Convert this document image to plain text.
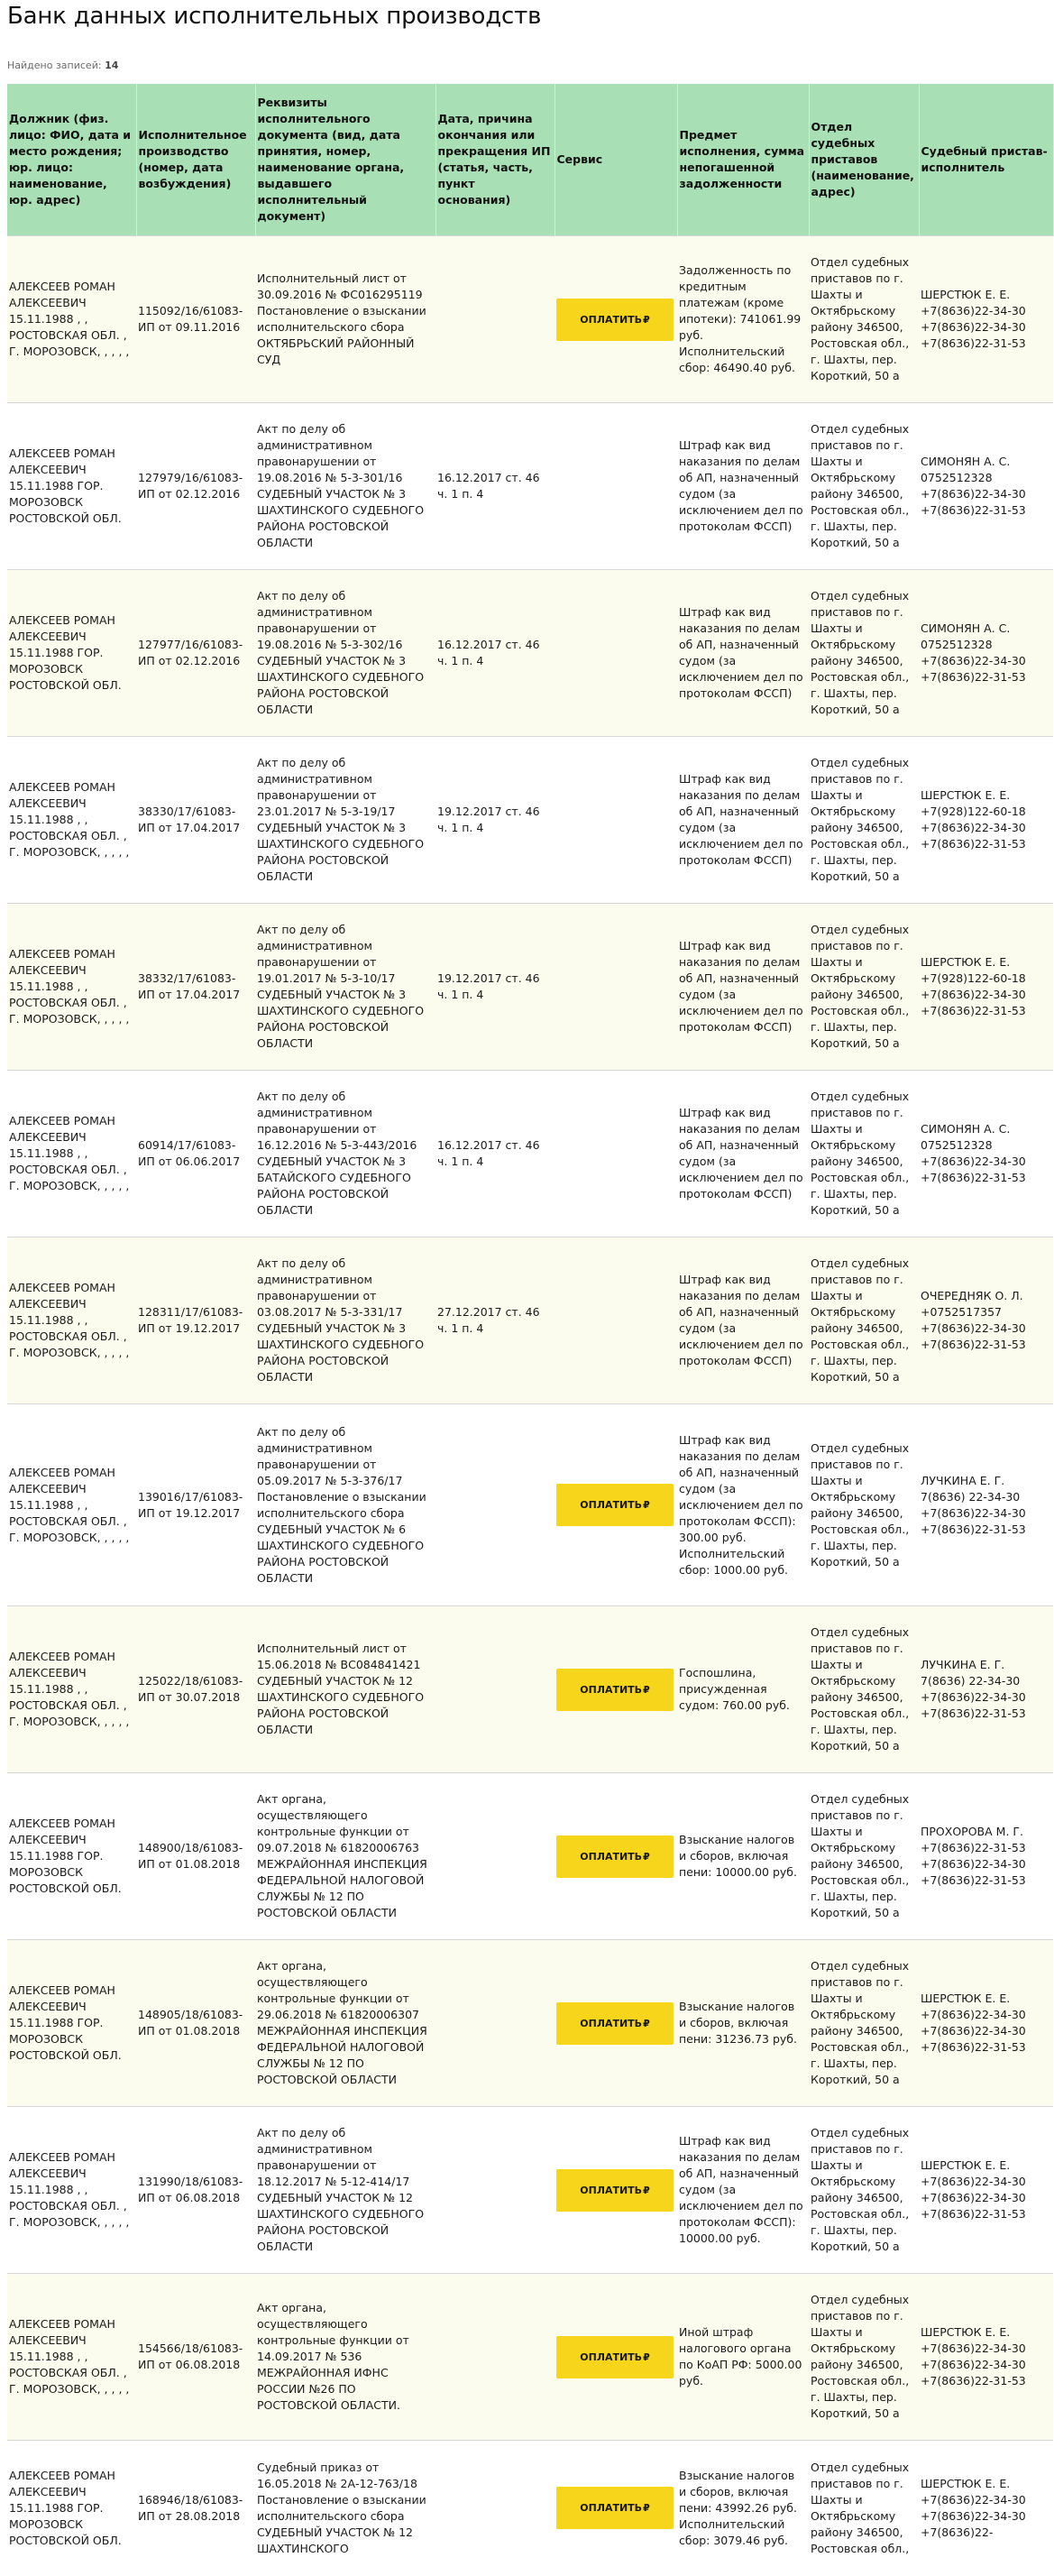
Банк данных исполнительных производств
Найдено записей: 14
Должник (физ. лицо: ФИО, дата и место рождения; юр. лицо: наименование, юр. адрес)	Исполнительное производство (номер, дата возбуждения)	Реквизиты исполнительного документа (вид, дата принятия, номер, наименование органа, выдавшего исполнительный документ)	Дата, причина окончания или прекращения ИП (статья, часть, пункт основания)	Сервис	Предмет исполнения, сумма непогашенной задолженности	Отдел судебных приставов (наименование, адрес)	Судебный пристав-исполнитель
АЛЕКСЕЕВ РОМАН АЛЕКСЕЕВИЧ 15.11.1988 , , РОСТОВСКАЯ ОБЛ. , Г. МОРОЗОВСК, , , , ,	115092/16/61083-ИП от 09.11.2016	Исполнительный лист от 30.09.2016 № ФС016295119 Постановление о взыскании исполнительского сбора ОКТЯБРЬСКИЙ РАЙОННЫЙ СУД		ОПЛАТИТЬ₽	Задолженность по кредитным платежам (кроме ипотеки): 741061.99 руб. Исполнительский сбор: 46490.40 руб.	Отдел судебных приставов по г. Шахты и Октябрьскому району 346500, Ростовская обл., г. Шахты, пер. Короткий, 50 а	ШЕРСТЮК Е. Е. +7(8636)22-34-30 +7(8636)22-34-30 +7(8636)22-31-53
АЛЕКСЕЕВ РОМАН АЛЕКСЕЕВИЧ 15.11.1988 ГОР. МОРОЗОВСК РОСТОВСКОЙ ОБЛ.	127979/16/61083-ИП от 02.12.2016	Акт по делу об административном правонарушении от 19.08.2016 № 5-3-301/16 СУДЕБНЫЙ УЧАСТОК № 3 ШАХТИНСКОГО СУДЕБНОГО РАЙОНА РОСТОВСКОЙ ОБЛАСТИ	16.12.2017 ст. 46 ч. 1 п. 4		Штраф как вид наказания по делам об АП, назначенный судом (за исключением дел по протоколам ФССП)	Отдел судебных приставов по г. Шахты и Октябрьскому району 346500, Ростовская обл., г. Шахты, пер. Короткий, 50 а	СИМОНЯН А. С. 0752512328 +7(8636)22-34-30 +7(8636)22-31-53
АЛЕКСЕЕВ РОМАН АЛЕКСЕЕВИЧ 15.11.1988 ГОР. МОРОЗОВСК РОСТОВСКОЙ ОБЛ.	127977/16/61083-ИП от 02.12.2016	Акт по делу об административном правонарушении от 19.08.2016 № 5-3-302/16 СУДЕБНЫЙ УЧАСТОК № 3 ШАХТИНСКОГО СУДЕБНОГО РАЙОНА РОСТОВСКОЙ ОБЛАСТИ	16.12.2017 ст. 46 ч. 1 п. 4		Штраф как вид наказания по делам об АП, назначенный судом (за исключением дел по протоколам ФССП)	Отдел судебных приставов по г. Шахты и Октябрьскому району 346500, Ростовская обл., г. Шахты, пер. Короткий, 50 а	СИМОНЯН А. С. 0752512328 +7(8636)22-34-30 +7(8636)22-31-53
АЛЕКСЕЕВ РОМАН АЛЕКСЕЕВИЧ 15.11.1988 , , РОСТОВСКАЯ ОБЛ. , Г. МОРОЗОВСК, , , , ,	38330/17/61083-ИП от 17.04.2017	Акт по делу об административном правонарушении от 23.01.2017 № 5-3-19/17 СУДЕБНЫЙ УЧАСТОК № 3 ШАХТИНСКОГО СУДЕБНОГО РАЙОНА РОСТОВСКОЙ ОБЛАСТИ	19.12.2017 ст. 46 ч. 1 п. 4		Штраф как вид наказания по делам об АП, назначенный судом (за исключением дел по протоколам ФССП)	Отдел судебных приставов по г. Шахты и Октябрьскому району 346500, Ростовская обл., г. Шахты, пер. Короткий, 50 а	ШЕРСТЮК Е. Е. +7(928)122-60-18 +7(8636)22-34-30 +7(8636)22-31-53
АЛЕКСЕЕВ РОМАН АЛЕКСЕЕВИЧ 15.11.1988 , , РОСТОВСКАЯ ОБЛ. , Г. МОРОЗОВСК, , , , ,	38332/17/61083-ИП от 17.04.2017	Акт по делу об административном правонарушении от 19.01.2017 № 5-3-10/17 СУДЕБНЫЙ УЧАСТОК № 3 ШАХТИНСКОГО СУДЕБНОГО РАЙОНА РОСТОВСКОЙ ОБЛАСТИ	19.12.2017 ст. 46 ч. 1 п. 4		Штраф как вид наказания по делам об АП, назначенный судом (за исключением дел по протоколам ФССП)	Отдел судебных приставов по г. Шахты и Октябрьскому району 346500, Ростовская обл., г. Шахты, пер. Короткий, 50 а	ШЕРСТЮК Е. Е. +7(928)122-60-18 +7(8636)22-34-30 +7(8636)22-31-53
АЛЕКСЕЕВ РОМАН АЛЕКСЕЕВИЧ 15.11.1988 , , РОСТОВСКАЯ ОБЛ. , Г. МОРОЗОВСК, , , , ,	60914/17/61083-ИП от 06.06.2017	Акт по делу об административном правонарушении от 16.12.2016 № 5-3-443/2016 СУДЕБНЫЙ УЧАСТОК № 3 БАТАЙСКОГО СУДЕБНОГО РАЙОНА РОСТОВСКОЙ ОБЛАСТИ	16.12.2017 ст. 46 ч. 1 п. 4		Штраф как вид наказания по делам об АП, назначенный судом (за исключением дел по протоколам ФССП)	Отдел судебных приставов по г. Шахты и Октябрьскому району 346500, Ростовская обл., г. Шахты, пер. Короткий, 50 а	СИМОНЯН А. С. 0752512328 +7(8636)22-34-30 +7(8636)22-31-53
АЛЕКСЕЕВ РОМАН АЛЕКСЕЕВИЧ 15.11.1988 , , РОСТОВСКАЯ ОБЛ. , Г. МОРОЗОВСК, , , , ,	128311/17/61083-ИП от 19.12.2017	Акт по делу об административном правонарушении от 03.08.2017 № 5-3-331/17 СУДЕБНЫЙ УЧАСТОК № 3 ШАХТИНСКОГО СУДЕБНОГО РАЙОНА РОСТОВСКОЙ ОБЛАСТИ	27.12.2017 ст. 46 ч. 1 п. 4		Штраф как вид наказания по делам об АП, назначенный судом (за исключением дел по протоколам ФССП)	Отдел судебных приставов по г. Шахты и Октябрьскому району 346500, Ростовская обл., г. Шахты, пер. Короткий, 50 а	ОЧЕРЕДНЯК О. Л. +0752517357 +7(8636)22-34-30 +7(8636)22-31-53
АЛЕКСЕЕВ РОМАН АЛЕКСЕЕВИЧ 15.11.1988 , , РОСТОВСКАЯ ОБЛ. , Г. МОРОЗОВСК, , , , ,	139016/17/61083-ИП от 19.12.2017	Акт по делу об административном правонарушении от 05.09.2017 № 5-3-376/17 Постановление о взыскании исполнительского сбора СУДЕБНЫЙ УЧАСТОК № 6 ШАХТИНСКОГО СУДЕБНОГО РАЙОНА РОСТОВСКОЙ ОБЛАСТИ		ОПЛАТИТЬ₽	Штраф как вид наказания по делам об АП, назначенный судом (за исключением дел по протоколам ФССП): 300.00 руб. Исполнительский сбор: 1000.00 руб.	Отдел судебных приставов по г. Шахты и Октябрьскому району 346500, Ростовская обл., г. Шахты, пер. Короткий, 50 а	ЛУЧКИНА Е. Г. 7(8636) 22-34-30 +7(8636)22-34-30 +7(8636)22-31-53
АЛЕКСЕЕВ РОМАН АЛЕКСЕЕВИЧ 15.11.1988 , , РОСТОВСКАЯ ОБЛ. , Г. МОРОЗОВСК, , , , ,	125022/18/61083-ИП от 30.07.2018	Исполнительный лист от 15.06.2018 № ВС084841421 СУДЕБНЫЙ УЧАСТОК № 12 ШАХТИНСКОГО СУДЕБНОГО РАЙОНА РОСТОВСКОЙ ОБЛАСТИ		ОПЛАТИТЬ₽	Госпошлина, присужденная судом: 760.00 руб.	Отдел судебных приставов по г. Шахты и Октябрьскому району 346500, Ростовская обл., г. Шахты, пер. Короткий, 50 а	ЛУЧКИНА Е. Г. 7(8636) 22-34-30 +7(8636)22-34-30 +7(8636)22-31-53
АЛЕКСЕЕВ РОМАН АЛЕКСЕЕВИЧ 15.11.1988 ГОР. МОРОЗОВСК РОСТОВСКОЙ ОБЛ.	148900/18/61083-ИП от 01.08.2018	Акт органа, осуществляющего контрольные функции от 09.07.2018 № 61820006763 МЕЖРАЙОННАЯ ИНСПЕКЦИЯ ФЕДЕРАЛЬНОЙ НАЛОГОВОЙ СЛУЖБЫ № 12 ПО РОСТОВСКОЙ ОБЛАСТИ		ОПЛАТИТЬ₽	Взыскание налогов и сборов, включая пени: 10000.00 руб.	Отдел судебных приставов по г. Шахты и Октябрьскому району 346500, Ростовская обл., г. Шахты, пер. Короткий, 50 а	ПРОХОРОВА М. Г. +7(8636)22-31-53 +7(8636)22-34-30 +7(8636)22-31-53
АЛЕКСЕЕВ РОМАН АЛЕКСЕЕВИЧ 15.11.1988 ГОР. МОРОЗОВСК РОСТОВСКОЙ ОБЛ.	148905/18/61083-ИП от 01.08.2018	Акт органа, осуществляющего контрольные функции от 29.06.2018 № 61820006307 МЕЖРАЙОННАЯ ИНСПЕКЦИЯ ФЕДЕРАЛЬНОЙ НАЛОГОВОЙ СЛУЖБЫ № 12 ПО РОСТОВСКОЙ ОБЛАСТИ		ОПЛАТИТЬ₽	Взыскание налогов и сборов, включая пени: 31236.73 руб.	Отдел судебных приставов по г. Шахты и Октябрьскому району 346500, Ростовская обл., г. Шахты, пер. Короткий, 50 а	ШЕРСТЮК Е. Е. +7(8636)22-34-30 +7(8636)22-34-30 +7(8636)22-31-53
АЛЕКСЕЕВ РОМАН АЛЕКСЕЕВИЧ 15.11.1988 , , РОСТОВСКАЯ ОБЛ. , Г. МОРОЗОВСК, , , , ,	131990/18/61083-ИП от 06.08.2018	Акт по делу об административном правонарушении от 18.12.2017 № 5-12-414/17 СУДЕБНЫЙ УЧАСТОК № 12 ШАХТИНСКОГО СУДЕБНОГО РАЙОНА РОСТОВСКОЙ ОБЛАСТИ		ОПЛАТИТЬ₽	Штраф как вид наказания по делам об АП, назначенный судом (за исключением дел по протоколам ФССП): 10000.00 руб.	Отдел судебных приставов по г. Шахты и Октябрьскому району 346500, Ростовская обл., г. Шахты, пер. Короткий, 50 а	ШЕРСТЮК Е. Е. +7(8636)22-34-30 +7(8636)22-34-30 +7(8636)22-31-53
АЛЕКСЕЕВ РОМАН АЛЕКСЕЕВИЧ 15.11.1988 , , РОСТОВСКАЯ ОБЛ. , Г. МОРОЗОВСК, , , , ,	154566/18/61083-ИП от 06.08.2018	Акт органа, осуществляющего контрольные функции от 14.09.2017 № 536 МЕЖРАЙОННАЯ ИФНС РОССИИ №26 ПО РОСТОВСКОЙ ОБЛАСТИ.		ОПЛАТИТЬ₽	Иной штраф налогового органа по КоАП РФ: 5000.00 руб.	Отдел судебных приставов по г. Шахты и Октябрьскому району 346500, Ростовская обл., г. Шахты, пер. Короткий, 50 а	ШЕРСТЮК Е. Е. +7(8636)22-34-30 +7(8636)22-34-30 +7(8636)22-31-53
АЛЕКСЕЕВ РОМАН АЛЕКСЕЕВИЧ 15.11.1988 ГОР. МОРОЗОВСК РОСТОВСКОЙ ОБЛ.	168946/18/61083-ИП от 28.08.2018	Судебный приказ от 16.05.2018 № 2А-12-763/18 Постановление о взыскании исполнительского сбора СУДЕБНЫЙ УЧАСТОК № 12 ШАХТИНСКОГО		ОПЛАТИТЬ₽	Взыскание налогов и сборов, включая пени: 43992.26 руб. Исполнительский сбор: 3079.46 руб.	Отдел судебных приставов по г. Шахты и Октябрьскому району 346500, Ростовская обл.,	ШЕРСТЮК Е. Е. +7(8636)22-34-30 +7(8636)22-34-30 +7(8636)22-
